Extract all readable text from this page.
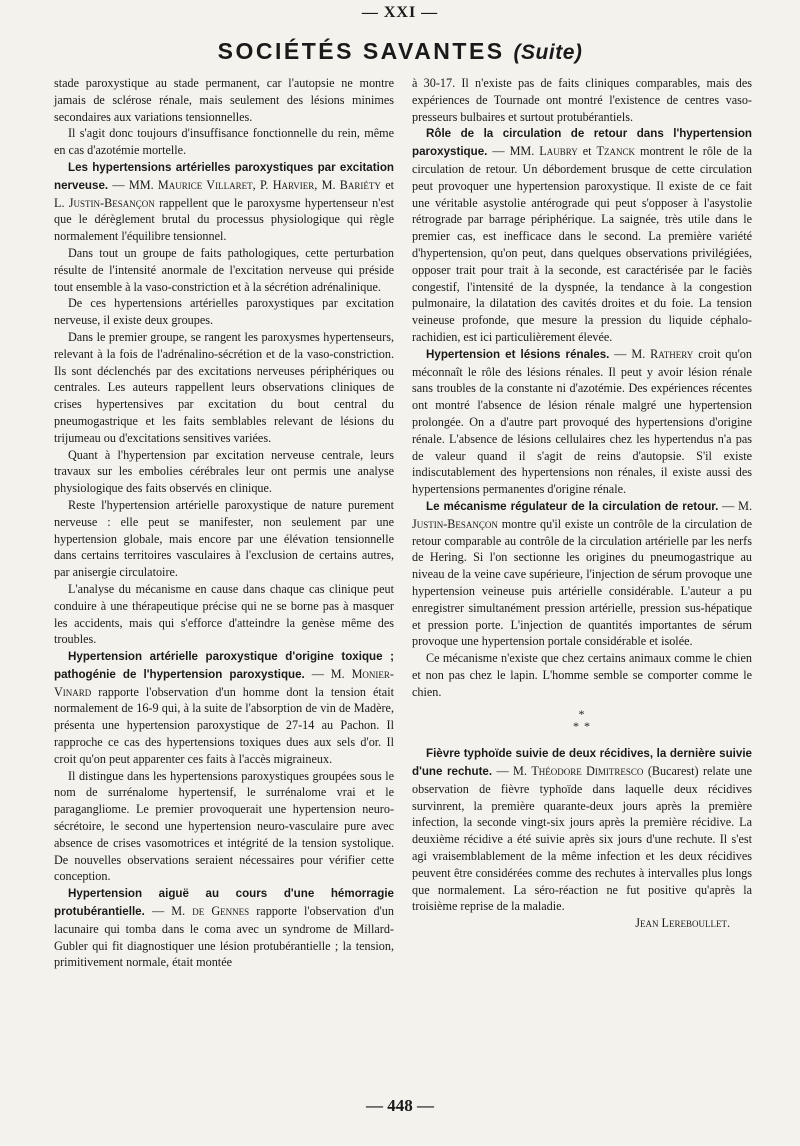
— XXI —
SOCIÉTÉS SAVANTES (Suite)

stade paroxystique au stade permanent, car l'autopsie ne montre jamais de sclérose rénale, mais seulement des lésions minimes secondaires aux variations tensionnelles.

Il s'agit donc toujours d'insuffisance fonctionnelle du rein, même en cas d'azotémie mortelle.

Les hypertensions artérielles paroxystiques par excitation nerveuse. — MM. Maurice Villaret, P. Harvier, M. Bariéty et L. Justin-Besançon rappellent que le paroxysme hypertenseur n'est que le dérèglement brutal du processus physiologique qui règle normalement l'équilibre tensionnel.

Dans tout un groupe de faits pathologiques, cette perturbation résulte de l'intensité anormale de l'excitation nerveuse qui préside tout ensemble à la vaso-constriction et à la sécrétion adrénalinique.

De ces hypertensions artérielles paroxystiques par excitation nerveuse, il existe deux groupes.

Dans le premier groupe, se rangent les paroxysmes hypertenseurs, relevant à la fois de l'adrénalino-sécrétion et de la vaso-constriction. Ils sont déclenchés par des excitations nerveuses périphériques ou centrales. Les auteurs rappellent leurs observations cliniques de crises hypertensives par excitation du bout central du pneumogastrique et les faits semblables relevant de lésions du trijumeau ou d'excitations sensitives variées.

Quant à l'hypertension par excitation nerveuse centrale, leurs travaux sur les embolies cérébrales leur ont permis une analyse physiologique des faits observés en clinique.

Reste l'hypertension artérielle paroxystique de nature purement nerveuse : elle peut se manifester, non seulement par une hypertension globale, mais encore par une élévation tensionnelle dans certains territoires vasculaires à l'exclusion de certains autres, par anisergie circulatoire.

L'analyse du mécanisme en cause dans chaque cas clinique peut conduire à une thérapeutique précise qui ne se borne pas à masquer les accidents, mais qui s'efforce d'atteindre la genèse même des troubles.

Hypertension artérielle paroxystique d'origine toxique ; pathogénie de l'hypertension paroxystique. — M. Monier-Vinard rapporte l'observation d'un homme dont la tension était normalement de 16-9 qui, à la suite de l'absorption de vin de Madère, présenta une hypertension paroxystique de 27-14 au Pachon. Il rapproche ce cas des hypertensions toxiques dues aux sels d'or. Il croit qu'on peut apparenter ces faits à l'accès migraineux.

Il distingue dans les hypertensions paroxystiques groupées sous le nom de surrénalome hypertensif, le surrénalome vrai et le paragangliome. Le premier provoquerait une hypertension neuro-sécrétoire, le second une hypertension neuro-vasculaire pure avec absence de crises vasomotrices et intégrité de la tension systolique. De nouvelles observations seraient nécessaires pour vérifier cette conception.

Hypertension aiguë au cours d'une hémorragie protubérantielle. — M. de Gennes rapporte l'observation d'un lacunaire qui tomba dans le coma avec un syndrome de Millard-Gubler qui fit diagnostiquer une lésion protubérantielle ; la tension, primitivement normale, était montée

à 30-17. Il n'existe pas de faits cliniques comparables, mais des expériences de Tournade ont montré l'existence de centres vaso-presseurs bulbaires et surtout protubérantiels.

Rôle de la circulation de retour dans l'hypertension paroxystique. — MM. Laubry et Tzanck montrent le rôle de la circulation de retour. Un débordement brusque de cette circulation peut provoquer une hypertension paroxystique. Il existe de ce fait une véritable asystolie antérograde qui peut s'opposer à l'asystolie rétrograde par barrage périphérique. La saignée, très utile dans le premier cas, est inefficace dans le second. La première variété d'hypertension, qu'on peut, dans quelques observations privilégiées, opposer trait pour trait à la seconde, est caractérisée par le faciès congestif, l'intensité de la dyspnée, la tendance à la congestion pulmonaire, la dilatation des cavités droites et du foie. La tension veineuse profonde, que mesure la pression du liquide céphalo-rachidien, est ici particulièrement élevée.

Hypertension et lésions rénales. — M. Rathery croit qu'on méconnaît le rôle des lésions rénales. Il peut y avoir lésion rénale sans troubles de la constante ni d'azotémie. Des expériences récentes ont montré l'absence de lésion rénale malgré une hypertension prolongée. On a d'autre part provoqué des hypertensions d'origine rénale. L'absence de lésions cellulaires chez les hypertendus n'a pas de valeur quand il s'agit de reins d'autopsie. S'il existe indiscutablement des hypertensions non rénales, il existe aussi des hypertensions permanentes d'origine rénale.

Le mécanisme régulateur de la circulation de retour. — M. Justin-Besançon montre qu'il existe un contrôle de la circulation de retour comparable au contrôle de la circulation artérielle par les nerfs de Hering. Si l'on sectionne les origines du pneumogastrique au niveau de la veine cave supérieure, l'injection de sérum provoque une hypertension veineuse puis artérielle considérable. L'auteur a pu enregistrer simultanément pression artérielle, pression sus-hépatique et pression porte. L'injection de quantités importantes de sérum provoque une hypertension portale considérable et isolée.

Ce mécanisme n'existe que chez certains animaux comme le chien et non pas chez le lapin. L'homme semble se comporter comme le chien.

*
* *

Fièvre typhoïde suivie de deux récidives, la dernière suivie d'une rechute. — M. Théodore Dimitresco (Bucarest) relate une observation de fièvre typhoïde dans laquelle deux récidives survinrent, la première quarante-deux jours après la première infection, la seconde vingt-six jours après la première récidive. La deuxième récidive a été suivie après six jours d'une rechute. Il s'est agi vraisemblablement de la même infection et les deux récidives peuvent être considérées comme des rechutes à intervalles plus longs que normalement. La séro-réaction ne fut positive qu'après la troisième reprise de la maladie.

Jean Lereboullet.
— 448 —
